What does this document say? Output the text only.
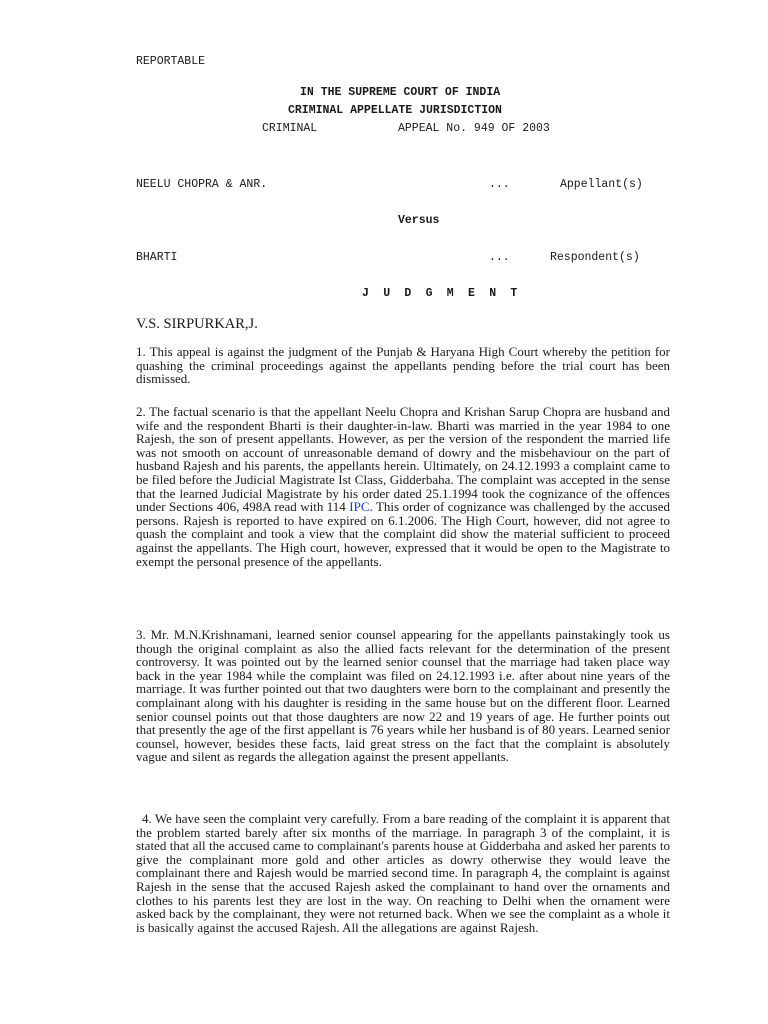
REPORTABLE
IN THE SUPREME COURT OF INDIA
CRIMINAL APPELLATE JURISDICTION
CRIMINAL	APPEAL No. 949 OF 2003
NEELU CHOPRA & ANR.	...	Appellant(s)
Versus
BHARTI	...	Respondent(s)
JUDGMENT
V.S. SIRPURKAR,J.

1. This appeal is against the judgment of the Punjab & Haryana High Court whereby the petition for quashing the criminal proceedings against the appellants pending before the trial court has been dismissed.

2. The factual scenario is that the appellant Neelu Chopra and Krishan Sarup Chopra are husband and wife and the respondent Bharti is their daughter-in-law. Bharti was married in the year 1984 to one Rajesh, the son of present appellants. However, as per the version of the respondent the married life was not smooth on account of unreasonable demand of dowry and the misbehaviour on the part of husband Rajesh and his parents, the appellants herein. Ultimately, on 24.12.1993 a complaint came to be filed before the Judicial Magistrate Ist Class, Gidderbaha. The complaint was accepted in the sense that the learned Judicial Magistrate by his order dated 25.1.1994 took the cognizance of the offences under Sections 406, 498A read with 114 IPC. This order of cognizance was challenged by the accused persons. Rajesh is reported to have expired on 6.1.2006. The High Court, however, did not agree to quash the complaint and took a view that the complaint did show the material sufficient to proceed against the appellants. The High court, however, expressed that it would be open to the Magistrate to exempt the personal presence of the appellants.

3. Mr. M.N.Krishnamani, learned senior counsel appearing for the appellants painstakingly took us though the original complaint as also the allied facts relevant for the determination of the present controversy. It was pointed out by the learned senior counsel that the marriage had taken place way back in the year 1984 while the complaint was filed on 24.12.1993 i.e. after about nine years of the marriage. It was further pointed out that two daughters were born to the complainant and presently the complainant along with his daughter is residing in the same house but on the different floor. Learned senior counsel points out that those daughters are now 22 and 19 years of age. He further points out that presently the age of the first appellant is 76 years while her husband is of 80 years. Learned senior counsel, however, besides these facts, laid great stress on the fact that the complaint is absolutely vague and silent as regards the allegation against the present appellants.

4. We have seen the complaint very carefully. From a bare reading of the complaint it is apparent that the problem started barely after six months of the marriage. In paragraph 3 of the complaint, it is stated that all the accused came to complainant's parents house at Gidderbaha and asked her parents to give the complainant more gold and other articles as dowry otherwise they would leave the complainant there and Rajesh would be married second time. In paragraph 4, the complaint is against Rajesh in the sense that the accused Rajesh asked the complainant to hand over the ornaments and clothes to his parents lest they are lost in the way. On reaching to Delhi when the ornament were asked back by the complainant, they were not returned back. When we see the complaint as a whole it is basically against the accused Rajesh. All the allegations are against Rajesh.
